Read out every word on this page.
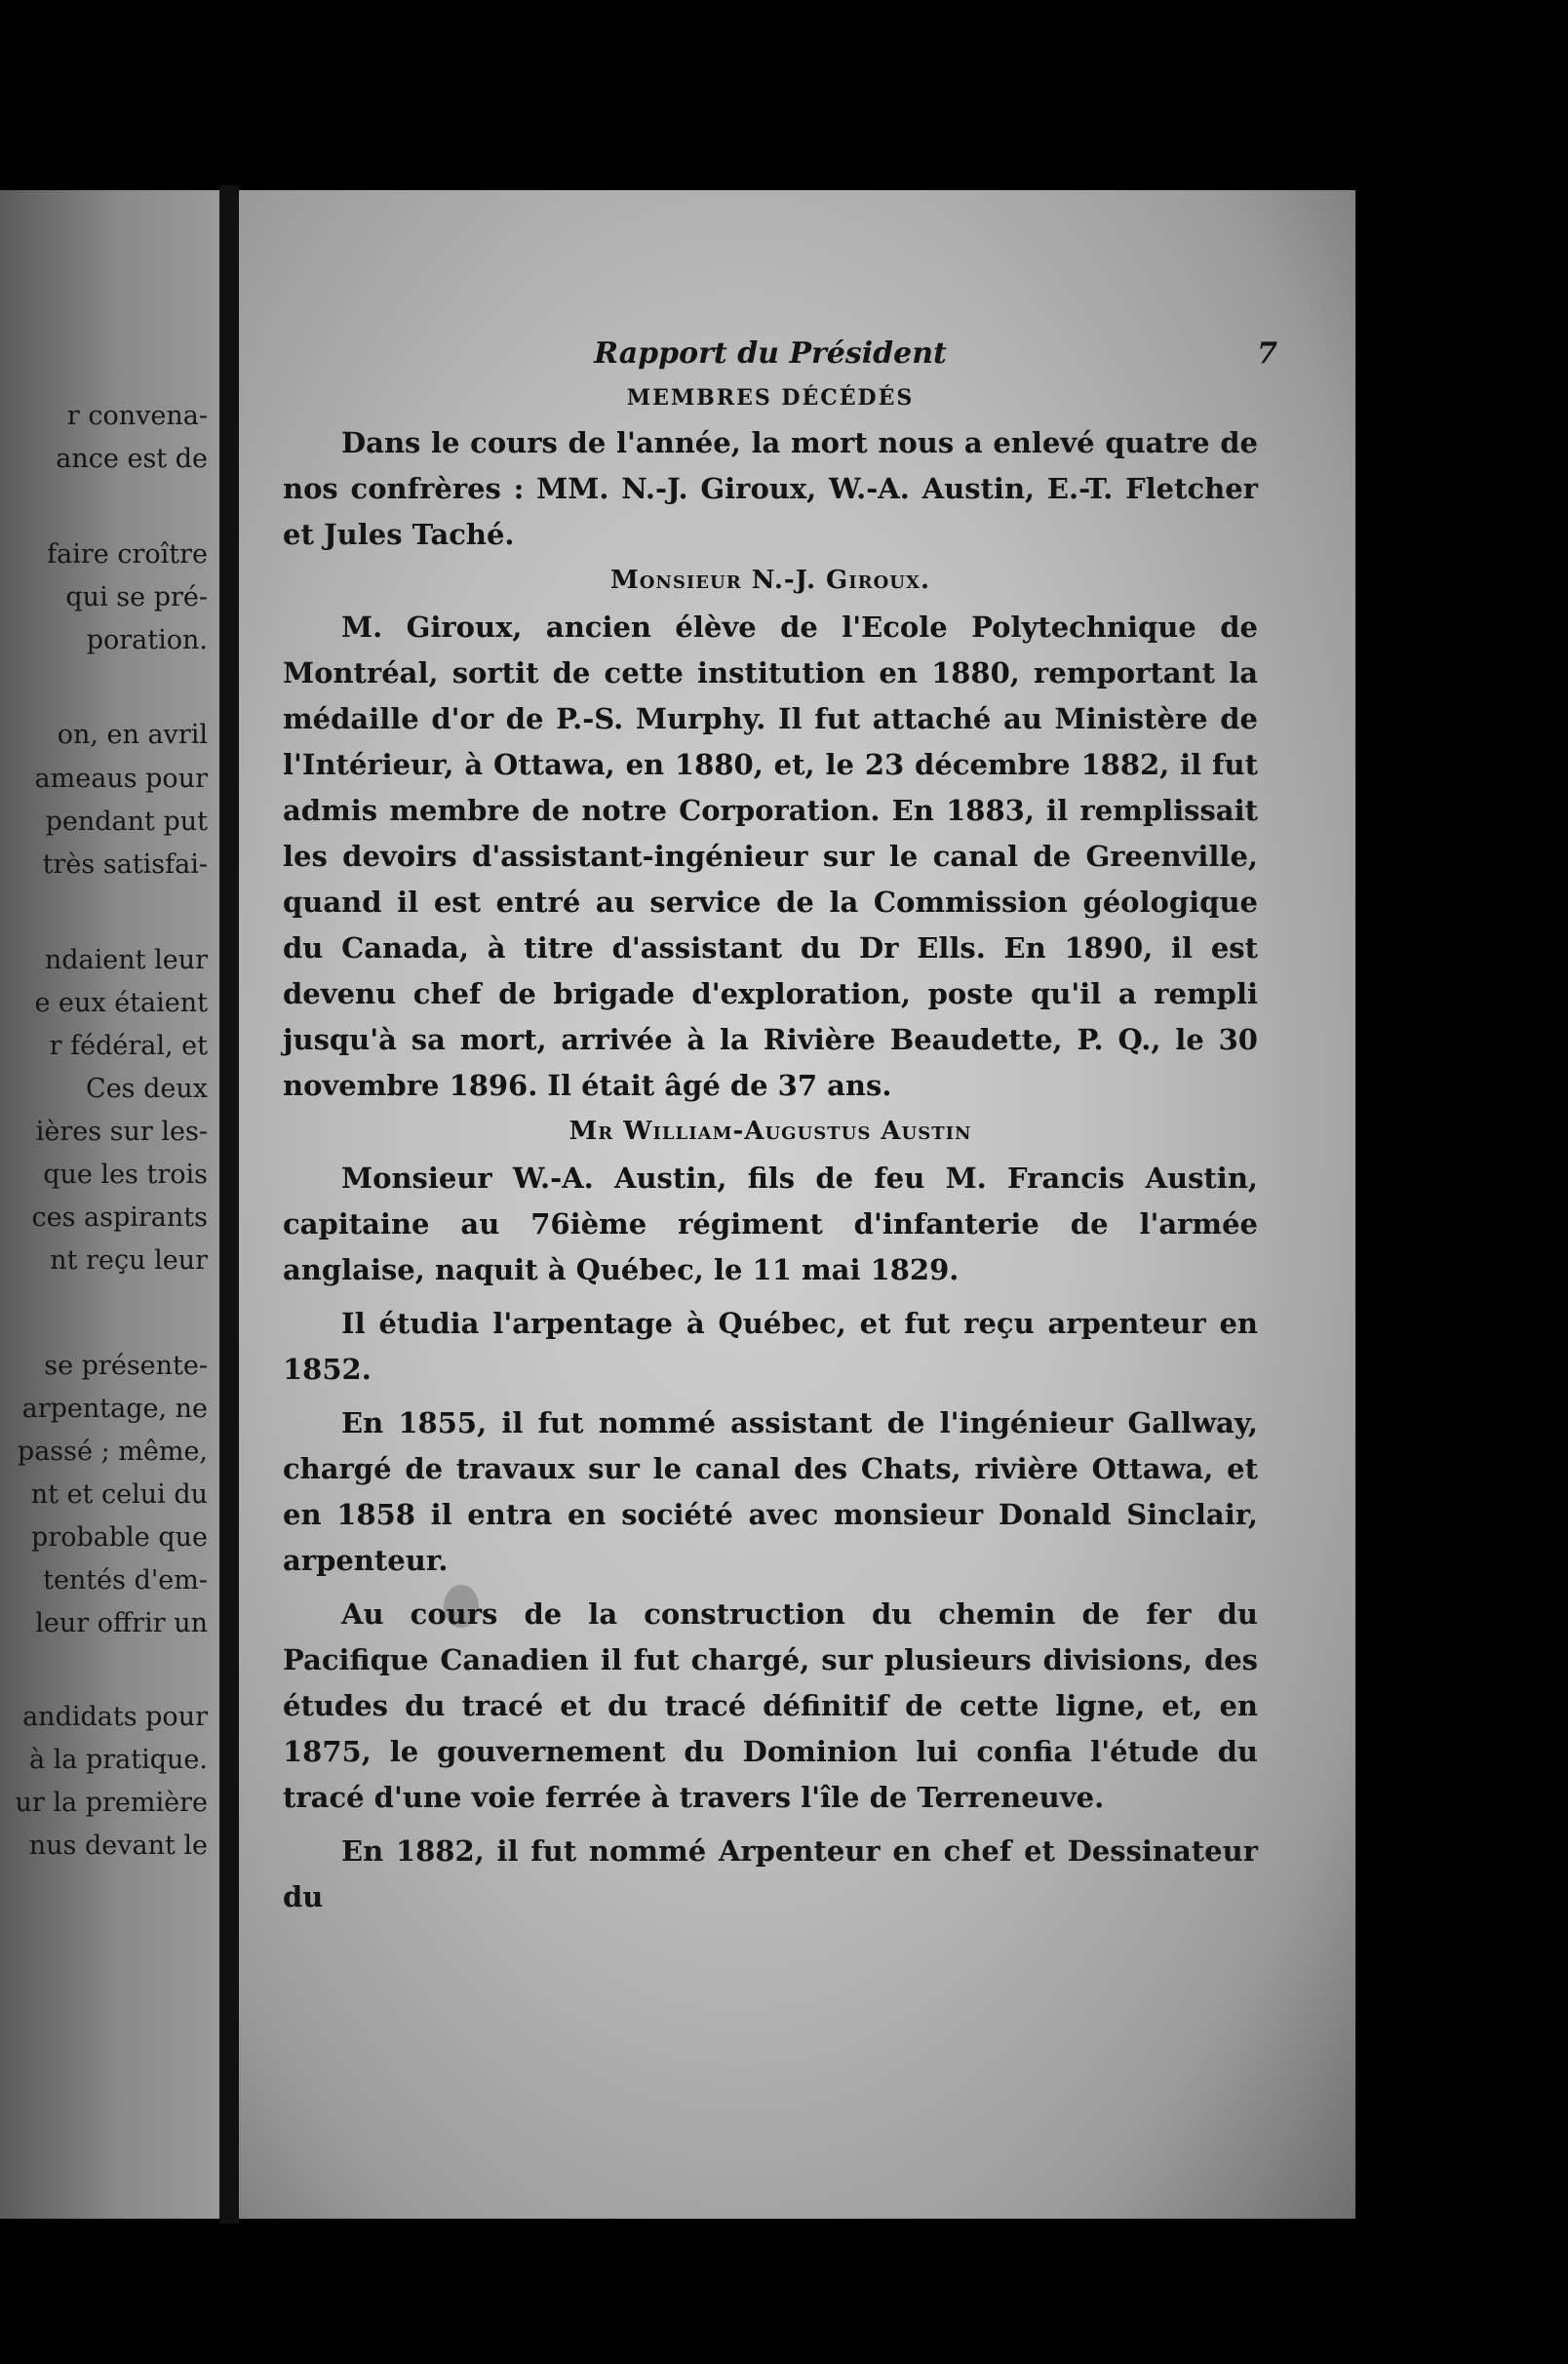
r convena-
ance est de
faire croître
qui se pré-
poration.
on, en avril
ameaus pour
pendant put
très satisfai-
ndaient leur
e eux étaient
r fédéral, et
Ces deux
ières sur les-
que les trois
ces aspirants
nt reçu leur
se présente-
arpentage, ne
passé ; même,
nt et celui du
probable que
tentés d'em-
leur offrir un
andidats pour
à la pratique.
ur la première
nus devant le
Rapport du Président	7
MEMBRES DÉCÉDÉS

Dans le cours de l'année, la mort nous a enlevé quatre de nos confrères : MM. N.-J. Giroux, W.-A. Austin, E.-T. Fletcher et Jules Taché.

Monsieur N.-J. Giroux.

M. Giroux, ancien élève de l'Ecole Polytechnique de Montréal, sortit de cette institution en 1880, remportant la médaille d'or de P.-S. Murphy. Il fut attaché au Ministère de l'Intérieur, à Ottawa, en 1880, et, le 23 décembre 1882, il fut admis membre de notre Corporation. En 1883, il remplissait les devoirs d'assistant-ingénieur sur le canal de Greenville, quand il est entré au service de la Commission géologique du Canada, à titre d'assistant du Dr Ells. En 1890, il est devenu chef de brigade d'exploration, poste qu'il a rempli jusqu'à sa mort, arrivée à la Rivière Beaudette, P. Q., le 30 novembre 1896. Il était âgé de 37 ans.

Mr William-Augustus Austin

Monsieur W.-A. Austin, fils de feu M. Francis Austin, capitaine au 76ième régiment d'infanterie de l'armée anglaise, naquit à Québec, le 11 mai 1829.

Il étudia l'arpentage à Québec, et fut reçu arpenteur en 1852.

En 1855, il fut nommé assistant de l'ingénieur Gallway, chargé de travaux sur le canal des Chats, rivière Ottawa, et en 1858 il entra en société avec monsieur Donald Sinclair, arpenteur.

Au cours de la construction du chemin de fer du Pacifique Canadien il fut chargé, sur plusieurs divisions, des études du tracé et du tracé définitif de cette ligne, et, en 1875, le gouvernement du Dominion lui confia l'étude du tracé d'une voie ferrée à travers l'île de Terreneuve.

En 1882, il fut nommé Arpenteur en chef et Dessinateur du
